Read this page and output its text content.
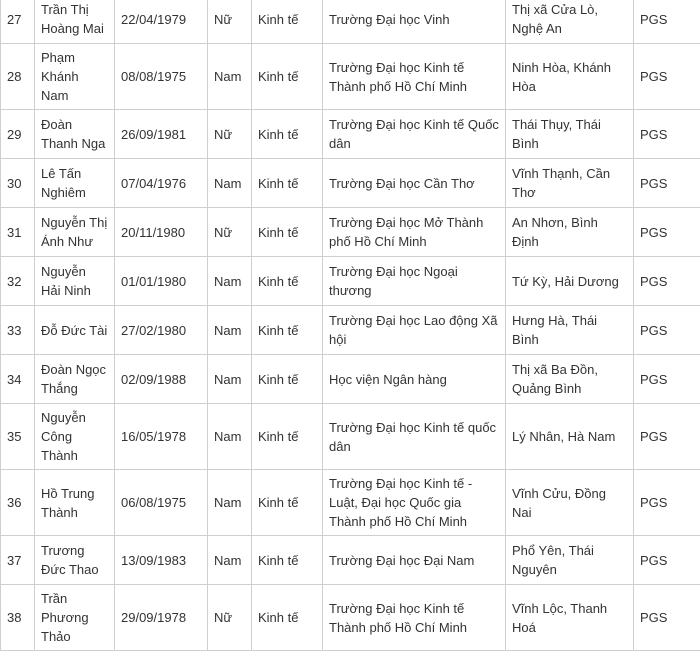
27	Trần Thị Hoàng Mai	22/04/1979	Nữ	Kinh tế	Trường Đại học Vinh	Thị xã Cửa Lò, Nghệ An	PGS
28	Phạm Khánh Nam	08/08/1975	Nam	Kinh tế	Trường Đại học Kinh tế Thành phố Hồ Chí Minh	Ninh Hòa, Khánh Hòa	PGS
29	Đoàn Thanh Nga	26/09/1981	Nữ	Kinh tế	Trường Đại học Kinh tế Quốc dân	Thái Thụy, Thái Bình	PGS
30	Lê Tấn Nghiêm	07/04/1976	Nam	Kinh tế	Trường Đại học Cần Thơ	Vĩnh Thạnh, Cần Thơ	PGS
31	Nguyễn Thị Ánh Như	20/11/1980	Nữ	Kinh tế	Trường Đại học Mở Thành phố Hồ Chí Minh	An Nhơn, Bình Định	PGS
32	Nguyễn Hải Ninh	01/01/1980	Nam	Kinh tế	Trường Đại học Ngoại thương	Tứ Kỳ, Hải Dương	PGS
33	Đỗ Đức Tài	27/02/1980	Nam	Kinh tế	Trường Đại học Lao động Xã hội	Hưng Hà, Thái Bình	PGS
34	Đoàn Ngọc Thắng	02/09/1988	Nam	Kinh tế	Học viện Ngân hàng	Thị xã Ba Đồn, Quảng Bình	PGS
35	Nguyễn Công Thành	16/05/1978	Nam	Kinh tế	Trường Đại học Kinh tế quốc dân	Lý Nhân, Hà Nam	PGS
36	Hồ Trung Thành	06/08/1975	Nam	Kinh tế	Trường Đại học Kinh tế - Luật, Đại học Quốc gia Thành phố Hồ Chí Minh	Vĩnh Cửu, Đồng Nai	PGS
37	Trương Đức Thao	13/09/1983	Nam	Kinh tế	Trường Đại học Đại Nam	Phổ Yên, Thái Nguyên	PGS
38	Trần Phương Thảo	29/09/1978	Nữ	Kinh tế	Trường Đại học Kinh tế Thành phố Hồ Chí Minh	Vĩnh Lộc, Thanh Hoá	PGS
